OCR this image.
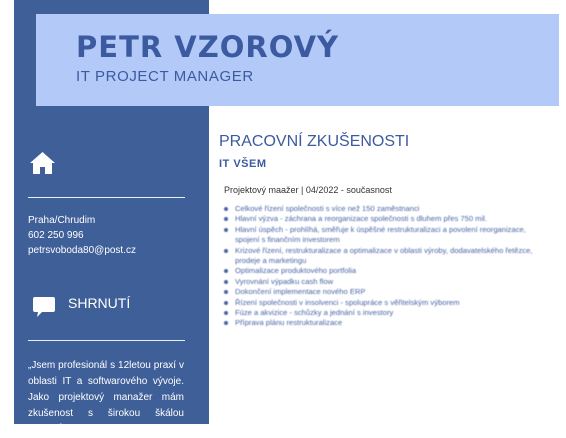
PETR VZOROVÝ
IT PROJECT MANAGER
Praha/Chrudim
602 250 996
petrsvoboda80@post.cz
SHRNUTÍ
„Jsem profesionál s 12letou praxí v oblasti IT a softwarového vývoje. Jako projektový manažer mám zkušenost s širokou škálou projektů vývoje aplikací a
PRACOVNÍ ZKUŠENOSTI
IT VŠEM
Projektový maažer | 04/2022 - současnost
Celkové řízení společnosti s více než 150 zaměstnanci
Hlavní výzva - záchrana a reorganizace společnosti s dluhem přes 750 mil.
Hlavní úspěch - prohlíhá, směřuje k úspěšné restrukturalizaci a povolení reorganizace, spojení s finančním investorem
Krizové řízení, restrukturalizace a optimalizace v oblasti výroby, dodavatelského řetězce, prodeje a marketingu
Optimalizace produktového portfolia
Vyrovnání výpadku cash flow
Dokončení implementace nového ERP
Řízení společnosti v insolvenci - spolupráce s věřitelským výborem
Fúze a akvizice - schůzky a jednání s investory
Příprava plánu restrukturalizace
